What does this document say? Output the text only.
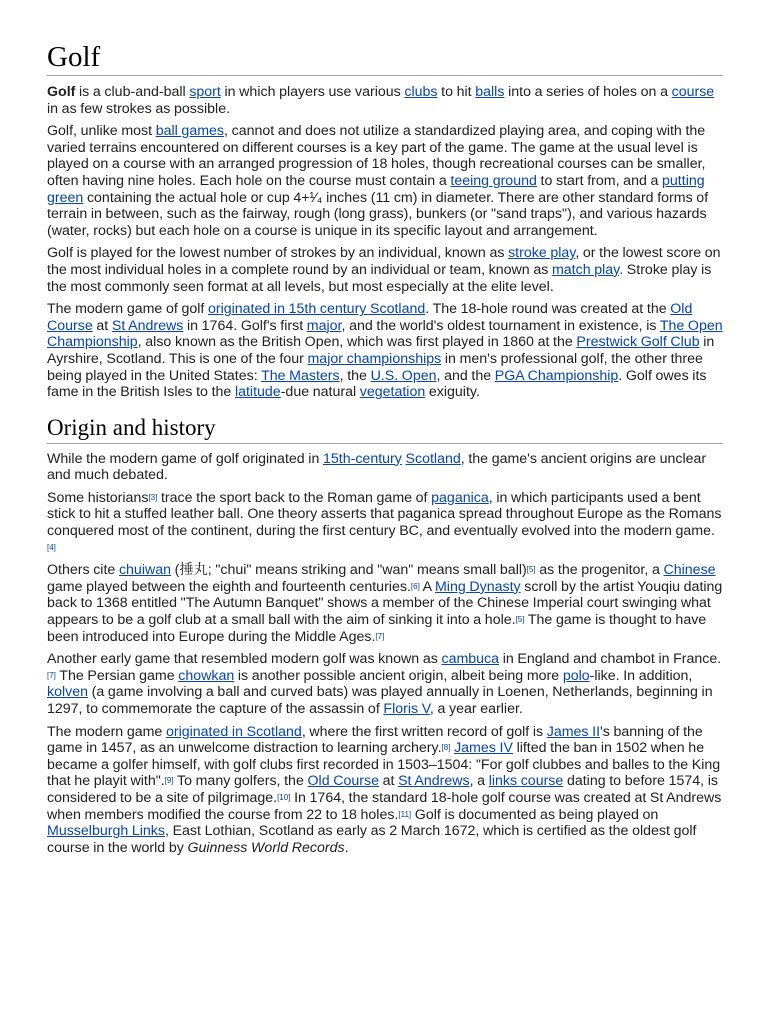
Golf

Golf is a club-and-ball sport in which players use various clubs to hit balls into a series of holes on a course in as few strokes as possible.

Golf, unlike most ball games, cannot and does not utilize a standardized playing area, and coping with the varied terrains encountered on different courses is a key part of the game. The game at the usual level is played on a course with an arranged progression of 18 holes, though recreational courses can be smaller, often having nine holes. Each hole on the course must contain a teeing ground to start from, and a putting green containing the actual hole or cup 4+¹⁄₄ inches (11 cm) in diameter. There are other standard forms of terrain in between, such as the fairway, rough (long grass), bunkers (or "sand traps"), and various hazards (water, rocks) but each hole on a course is unique in its specific layout and arrangement.

Golf is played for the lowest number of strokes by an individual, known as stroke play, or the lowest score on the most individual holes in a complete round by an individual or team, known as match play. Stroke play is the most commonly seen format at all levels, but most especially at the elite level.

The modern game of golf originated in 15th century Scotland. The 18-hole round was created at the Old Course at St Andrews in 1764. Golf's first major, and the world's oldest tournament in existence, is The Open Championship, also known as the British Open, which was first played in 1860 at the Prestwick Golf Club in Ayrshire, Scotland. This is one of the four major championships in men's professional golf, the other three being played in the United States: The Masters, the U.S. Open, and the PGA Championship. Golf owes its fame in the British Isles to the latitude-due natural vegetation exiguity.

Origin and history

While the modern game of golf originated in 15th-century Scotland, the game's ancient origins are unclear and much debated.

Some historians[3] trace the sport back to the Roman game of paganica, in which participants used a bent stick to hit a stuffed leather ball. One theory asserts that paganica spread throughout Europe as the Romans conquered most of the continent, during the first century BC, and eventually evolved into the modern game.[4]

Others cite chuiwan (捶丸; "chui" means striking and "wan" means small ball)[5] as the progenitor, a Chinese game played between the eighth and fourteenth centuries.[6] A Ming Dynasty scroll by the artist Youqiu dating back to 1368 entitled "The Autumn Banquet" shows a member of the Chinese Imperial court swinging what appears to be a golf club at a small ball with the aim of sinking it into a hole.[5] The game is thought to have been introduced into Europe during the Middle Ages.[7]

Another early game that resembled modern golf was known as cambuca in England and chambot in France.[7] The Persian game chowkan is another possible ancient origin, albeit being more polo-like. In addition, kolven (a game involving a ball and curved bats) was played annually in Loenen, Netherlands, beginning in 1297, to commemorate the capture of the assassin of Floris V, a year earlier.

The modern game originated in Scotland, where the first written record of golf is James II's banning of the game in 1457, as an unwelcome distraction to learning archery.[8] James IV lifted the ban in 1502 when he became a golfer himself, with golf clubs first recorded in 1503–1504: "For golf clubbes and balles to the King that he playit with".[9] To many golfers, the Old Course at St Andrews, a links course dating to before 1574, is considered to be a site of pilgrimage.[10] In 1764, the standard 18-hole golf course was created at St Andrews when members modified the course from 22 to 18 holes.[11] Golf is documented as being played on Musselburgh Links, East Lothian, Scotland as early as 2 March 1672, which is certified as the oldest golf course in the world by Guinness World Records.
